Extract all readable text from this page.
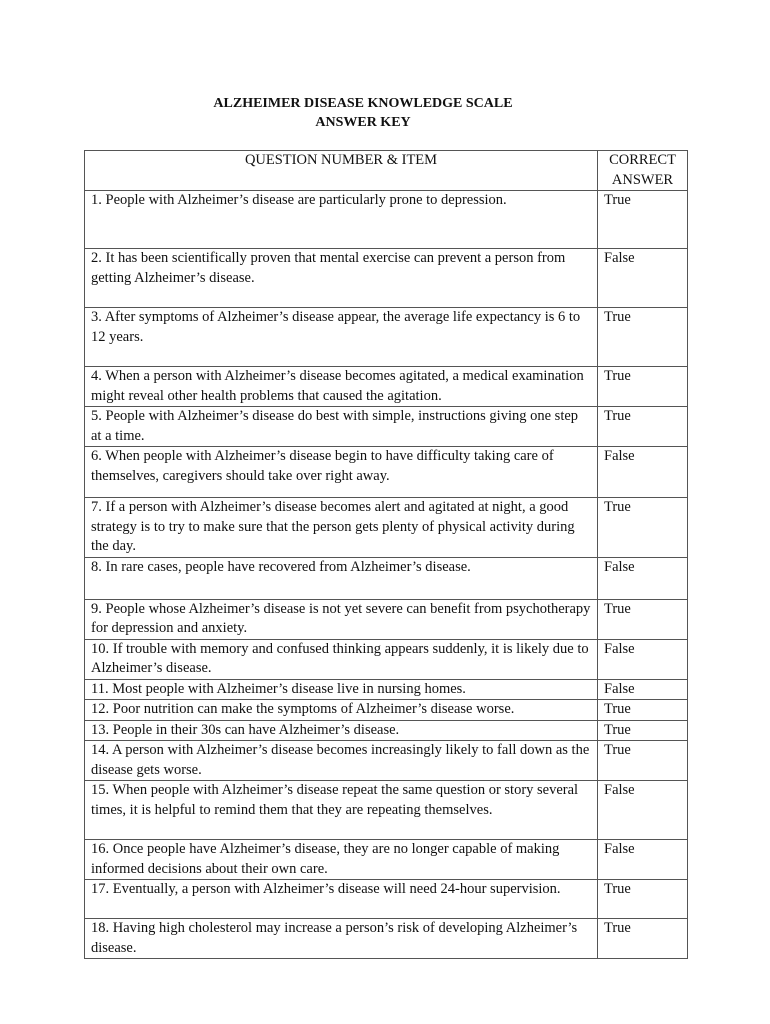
ALZHEIMER DISEASE KNOWLEDGE SCALE
ANSWER KEY
QUESTION NUMBER & ITEM	CORRECT
ANSWER
1. People with Alzheimer’s disease are particularly prone to depression.	True
2. It has been scientifically proven that mental exercise can prevent a person from getting Alzheimer’s disease.	False
3. After symptoms of Alzheimer’s disease appear, the average life expectancy is 6 to 12 years.	True
4. When a person with Alzheimer’s disease becomes agitated, a medical examination might reveal other health problems that caused the agitation.	True
5. People with Alzheimer’s disease do best with simple, instructions giving one step at a time.	True
6. When people with Alzheimer’s disease begin to have difficulty taking care of themselves, caregivers should take over right away.	False
7. If a person with Alzheimer’s disease becomes alert and agitated at night, a good strategy is to try to make sure that the person gets plenty of physical activity during the day.	True
8. In rare cases, people have recovered from Alzheimer’s disease.	False
9. People whose Alzheimer’s disease is not yet severe can benefit from psychotherapy for depression and anxiety.	True
10. If trouble with memory and confused thinking appears suddenly, it is likely due to Alzheimer’s disease.	False
11. Most people with Alzheimer’s disease live in nursing homes.	False
12. Poor nutrition can make the symptoms of Alzheimer’s disease worse.	True
13. People in their 30s can have Alzheimer’s disease.	True
14. A person with Alzheimer’s disease becomes increasingly likely to fall down as the disease gets worse.	True
15. When people with Alzheimer’s disease repeat the same question or story several times, it is helpful to remind them that they are repeating themselves.	False
16. Once people have Alzheimer’s disease, they are no longer capable of making informed decisions about their own care.	False
17. Eventually, a person with Alzheimer’s disease will need 24-hour supervision.	True
18. Having high cholesterol may increase a person’s risk of developing Alzheimer’s disease.	True
